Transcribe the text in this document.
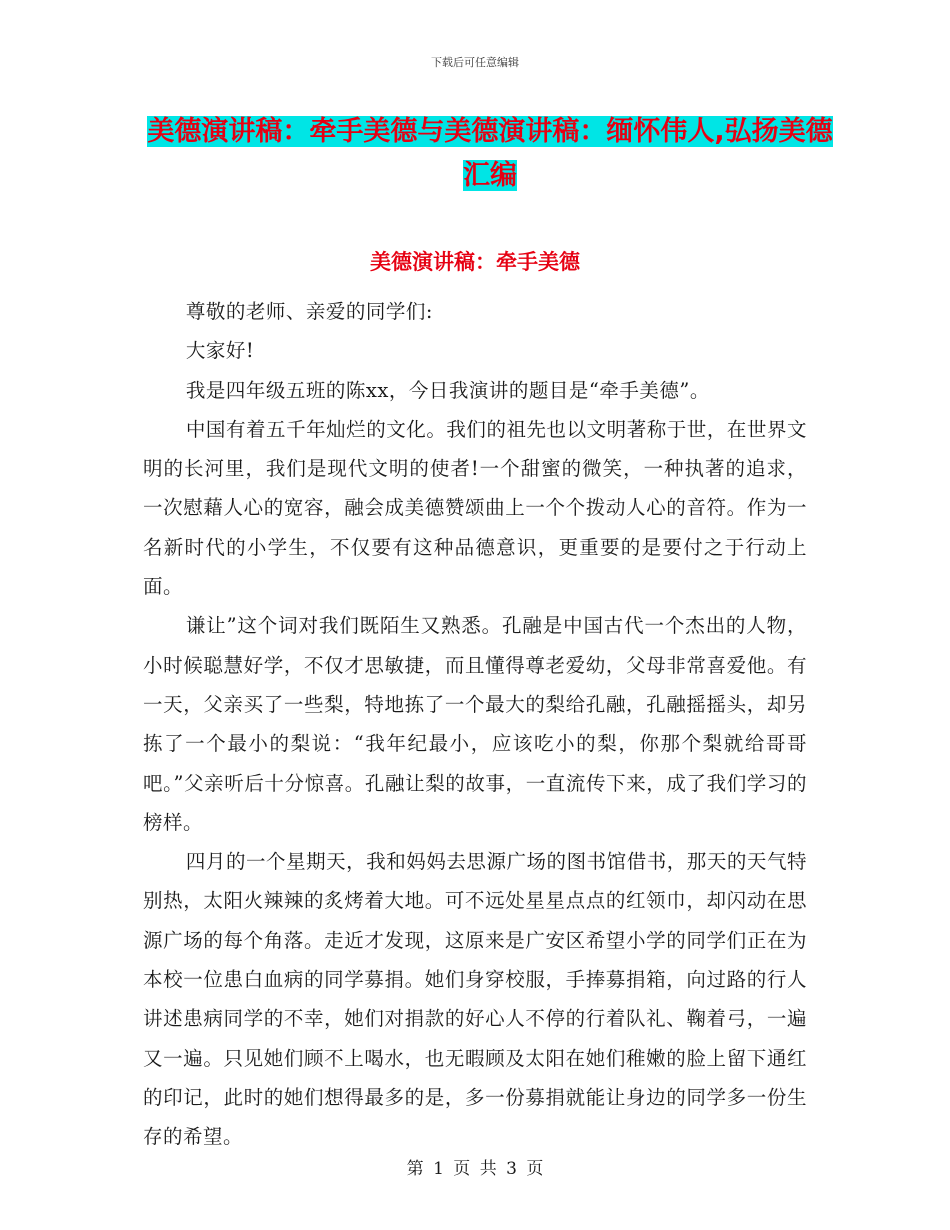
下载后可任意编辑
美德演讲稿：牵手美德与美德演讲稿：缅怀伟人,弘扬美德汇编
美德演讲稿：牵手美德

尊敬的老师、亲爱的同学们:

大家好!

我是四年级五班的陈xx，今日我演讲的题目是“牵手美德”。

中国有着五千年灿烂的文化。我们的祖先也以文明著称于世，在世界文明的长河里，我们是现代文明的使者!一个甜蜜的微笑，一种执著的追求，一次慰藉人心的宽容，融会成美德赞颂曲上一个个拨动人心的音符。作为一名新时代的小学生，不仅要有这种品德意识，更重要的是要付之于行动上面。

谦让”这个词对我们既陌生又熟悉。孔融是中国古代一个杰出的人物，小时候聪慧好学，不仅才思敏捷，而且懂得尊老爱幼，父母非常喜爱他。有一天，父亲买了一些梨，特地拣了一个最大的梨给孔融，孔融摇摇头，却另拣了一个最小的梨说：“我年纪最小，应该吃小的梨，你那个梨就给哥哥吧。”父亲听后十分惊喜。孔融让梨的故事，一直流传下来，成了我们学习的榜样。

四月的一个星期天，我和妈妈去思源广场的图书馆借书，那天的天气特别热，太阳火辣辣的炙烤着大地。可不远处星星点点的红领巾，却闪动在思源广场的每个角落。走近才发现，这原来是广安区希望小学的同学们正在为本校一位患白血病的同学募捐。她们身穿校服，手捧募捐箱，向过路的行人讲述患病同学的不幸，她们对捐款的好心人不停的行着队礼、鞠着弓，一遍又一遍。只见她们顾不上喝水，也无暇顾及太阳在她们稚嫩的脸上留下通红的印记，此时的她们想得最多的是，多一份募捐就能让身边的同学多一份生存的希望。

第 1 页 共 3 页
